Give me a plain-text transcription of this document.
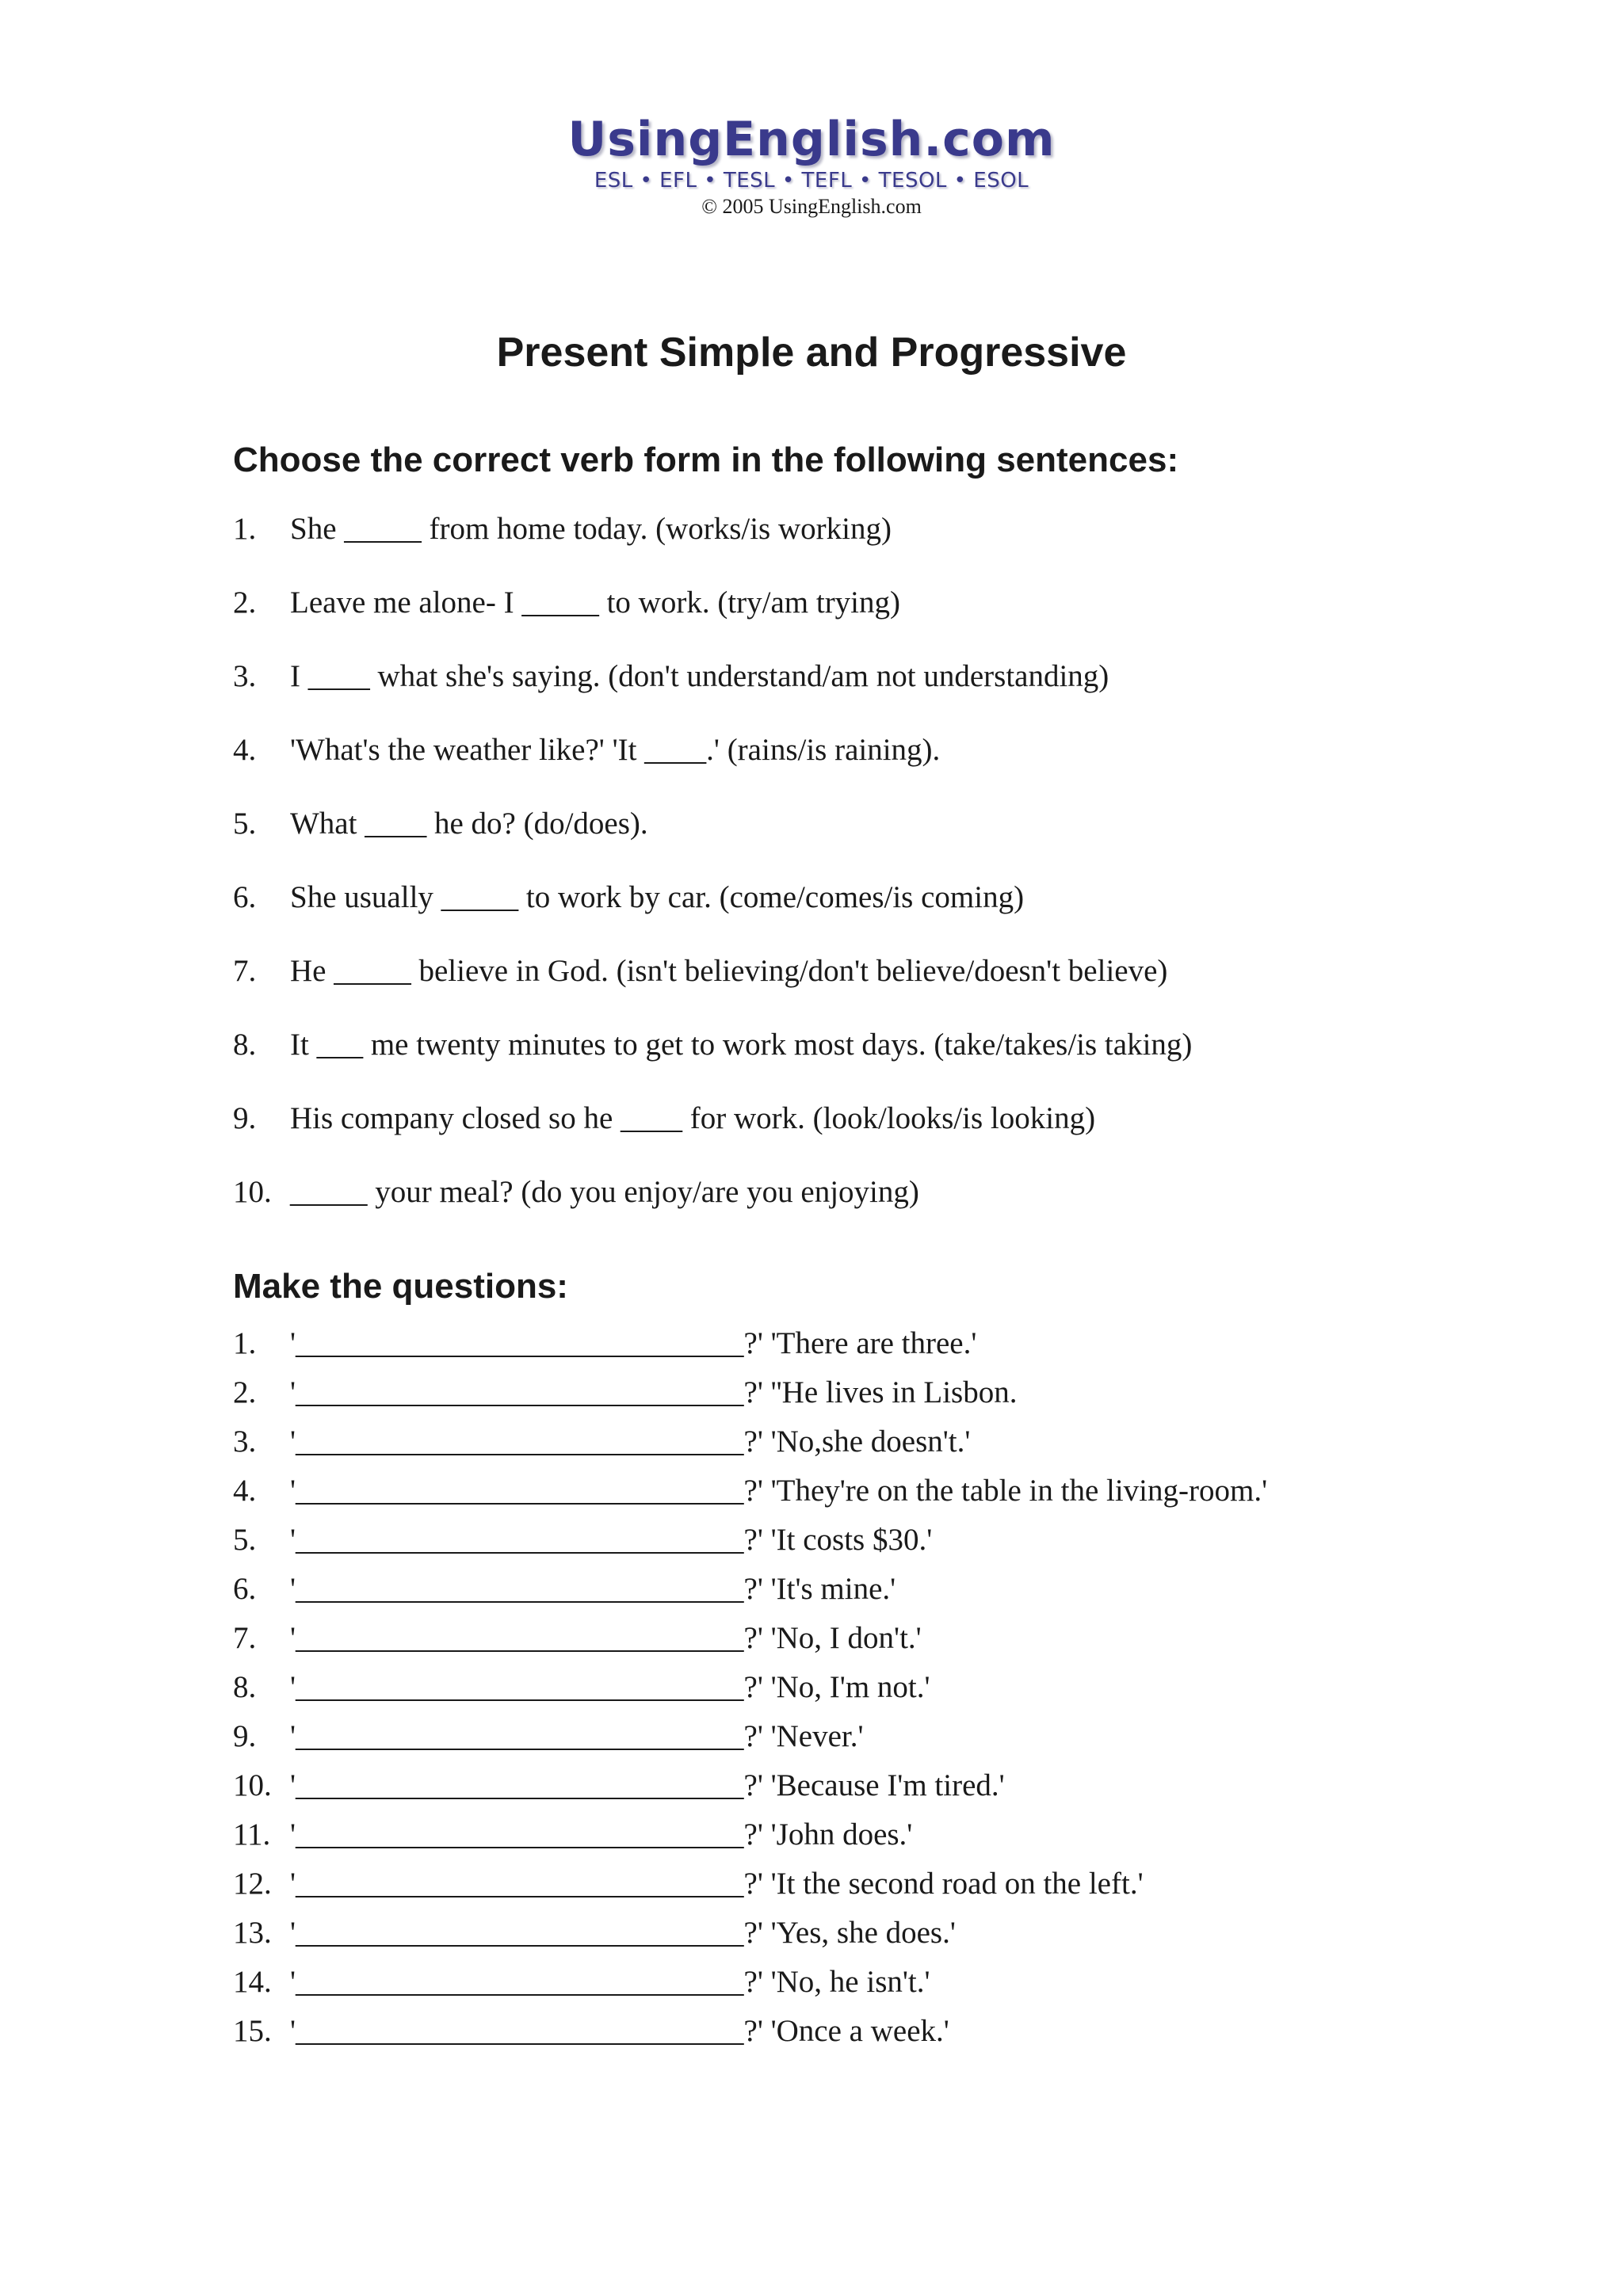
UsingEnglish.com
ESL • EFL • TESL • TEFL • TESOL • ESOL
© 2005 UsingEnglish.com
Present Simple and Progressive
Choose the correct verb form in the following sentences:
1. She _____ from home today. (works/is working)
2. Leave me alone- I _____ to work. (try/am trying)
3. I ____ what she's saying. (don't understand/am not understanding)
4. 'What's the weather like?' 'It ____.' (rains/is raining).
5. What ____ he do? (do/does).
6. She usually _____ to work by car. (come/comes/is coming)
7. He _____ believe in God. (isn't believing/don't believe/doesn't believe)
8. It ___ me twenty minutes to get to work most days. (take/takes/is taking)
9. His company closed so he ____ for work. (look/looks/is looking)
10. _____ your meal? (do you enjoy/are you enjoying)
Make the questions:
1. '_____________________________?' 'There are three.'
2. '_____________________________?' ''He lives in Lisbon.
3. '_____________________________?' 'No,she doesn't.'
4. '_____________________________?' 'They're on the table in the living-room.'
5. '_____________________________?' 'It costs $30.'
6. '_____________________________?' 'It's mine.'
7. '_____________________________?' 'No, I don't.'
8. '_____________________________?' 'No, I'm not.'
9. '_____________________________?' 'Never.'
10. '_____________________________?' 'Because I'm tired.'
11. '_____________________________?' 'John does.'
12. '_____________________________?' 'It the second road on the left.'
13. '_____________________________?' 'Yes, she does.'
14. '_____________________________?' 'No, he isn't.'
15. '_____________________________?' 'Once a week.'
